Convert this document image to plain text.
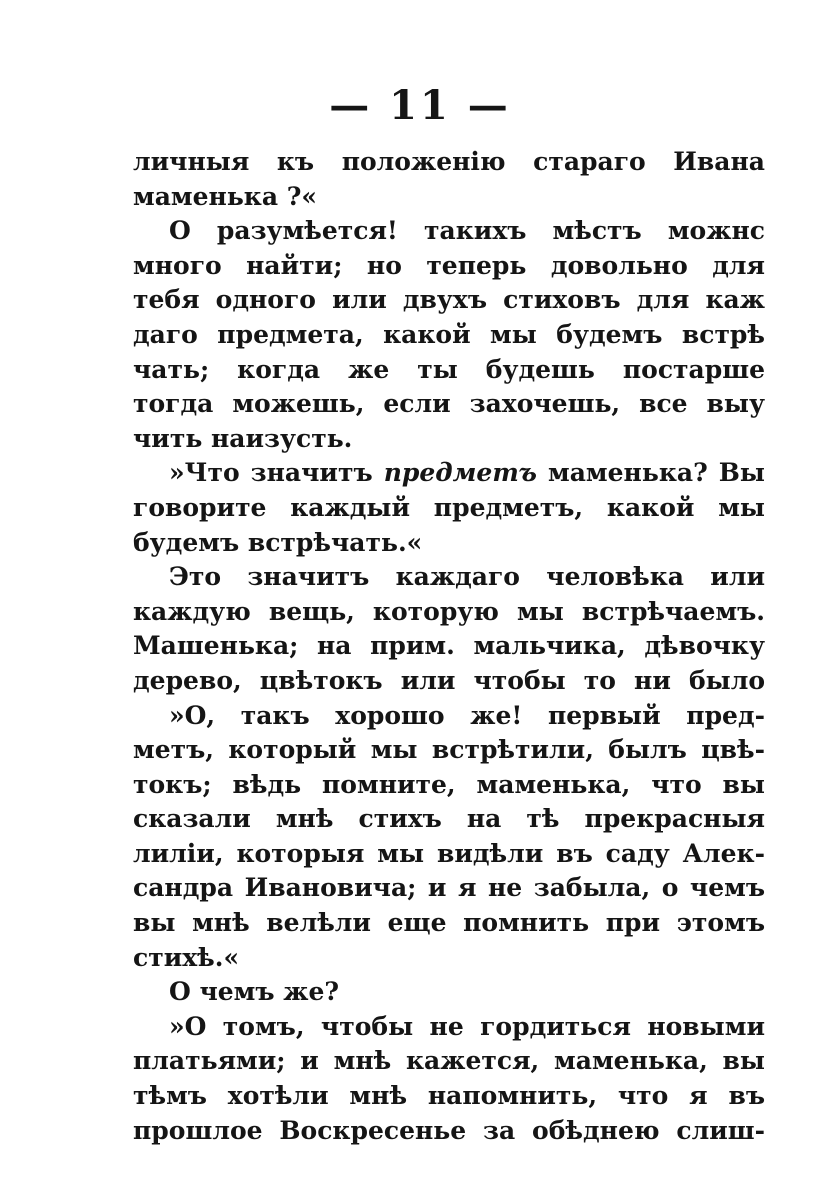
— 11 —
личныя къ положенію стараго Ивана
маменька ?«
О разумѣется! такихъ мѣстъ можнс
много найти; но теперь довольно для
тебя одного или двухъ стиховъ для каж
даго предмета, какой мы будемъ встрѣ
чать; когда же ты будешь постарше
тогда можешь, если захочешь, все выу
чить наизусть.
»Что значитъ предметъ маменька? Вы
говорите каждый предметъ, какой мы
будемъ встрѣчать.«
Это значитъ каждаго человѣка или
каждую вещь, которую мы встрѣчаемъ.
Машенька; на прим. мальчика, дѣвочку
дерево, цвѣтокъ или чтобы то ни было
»О, такъ хорошо же! первый пред-
метъ, который мы встрѣтили, былъ цвѣ-
токъ; вѣдь помните, маменька, что вы
сказали мнѣ стихъ на тѣ прекрасныя
лиліи, которыя мы видѣли въ саду Алек-
сандра Ивановича; и я не забыла, о чемъ
вы мнѣ велѣли еще помнить при этомъ
стихѣ.«
О чемъ же?
»О томъ, чтобы не гордиться новыми
платьями; и мнѣ кажется, маменька, вы
тѣмъ хотѣли мнѣ напомнить, что я въ
прошлое Воскресенье за обѣднею слиш-
